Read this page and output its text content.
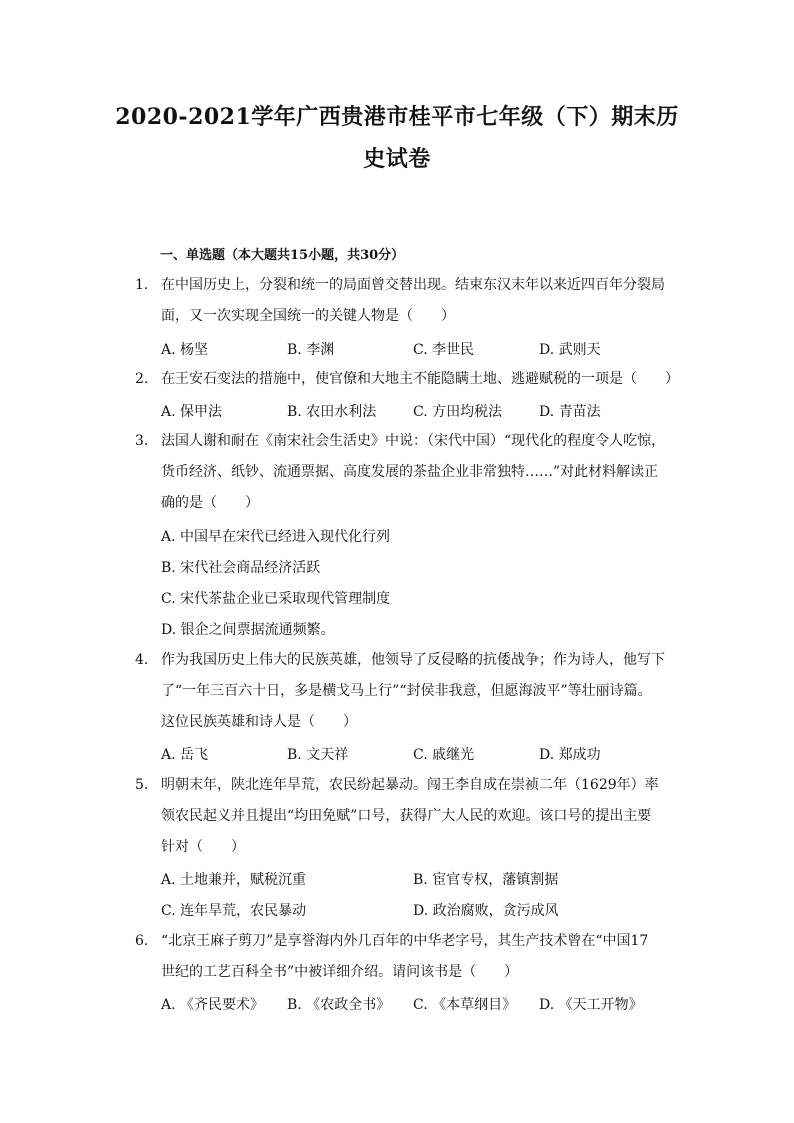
2020-2021学年广西贵港市桂平市七年级（下）期末历
史试卷
一、单选题（本大题共15小题，共30分）
1. 在中国历史上，分裂和统一的局面曾交替出现。结束东汉末年以来近四百年分裂局
面，又一次实现全国统一的关键人物是（　　）
A. 杨坚	B. 李渊	C. 李世民	D. 武则天
2. 在王安石变法的措施中，使官僚和大地主不能隐瞒土地、逃避赋税的一项是（　　）
A. 保甲法	B. 农田水利法	C. 方田均税法	D. 青苗法
3. 法国人谢和耐在《南宋社会生活史》中说：（宋代中国）“现代化的程度令人吃惊，
货币经济、纸钞、流通票据、高度发展的茶盐企业非常独特……”对此材料解读正
确的是（　　）
A. 中国早在宋代已经进入现代化行列
B. 宋代社会商品经济活跃
C. 宋代茶盐企业已采取现代管理制度
D. 银企之间票据流通频繁。
4. 作为我国历史上伟大的民族英雄，他领导了反侵略的抗倭战争；作为诗人，他写下
了“一年三百六十日，多是横戈马上行”“封侯非我意，但愿海波平”等壮丽诗篇。
这位民族英雄和诗人是（　　）
A. 岳飞	B. 文天祥	C. 戚继光	D. 郑成功
5. 明朝末年，陕北连年旱荒，农民纷起暴动。闯王李自成在崇祯二年（1629年）率
领农民起义并且提出“均田免赋”口号，获得广大人民的欢迎。该口号的提出主要
针对（　　）
A. 土地兼并，赋税沉重	B. 宦官专权，藩镇割据
C. 连年旱荒，农民暴动	D. 政治腐败，贪污成风
6. “北京王麻子剪刀”是享誉海内外几百年的中华老字号，其生产技术曾在“中国17
世纪的工艺百科全书”中被详细介绍。请问该书是（　　）
A. 《齐民要术》 B. 《农政全书》 C. 《本草纲目》 D. 《天工开物》
